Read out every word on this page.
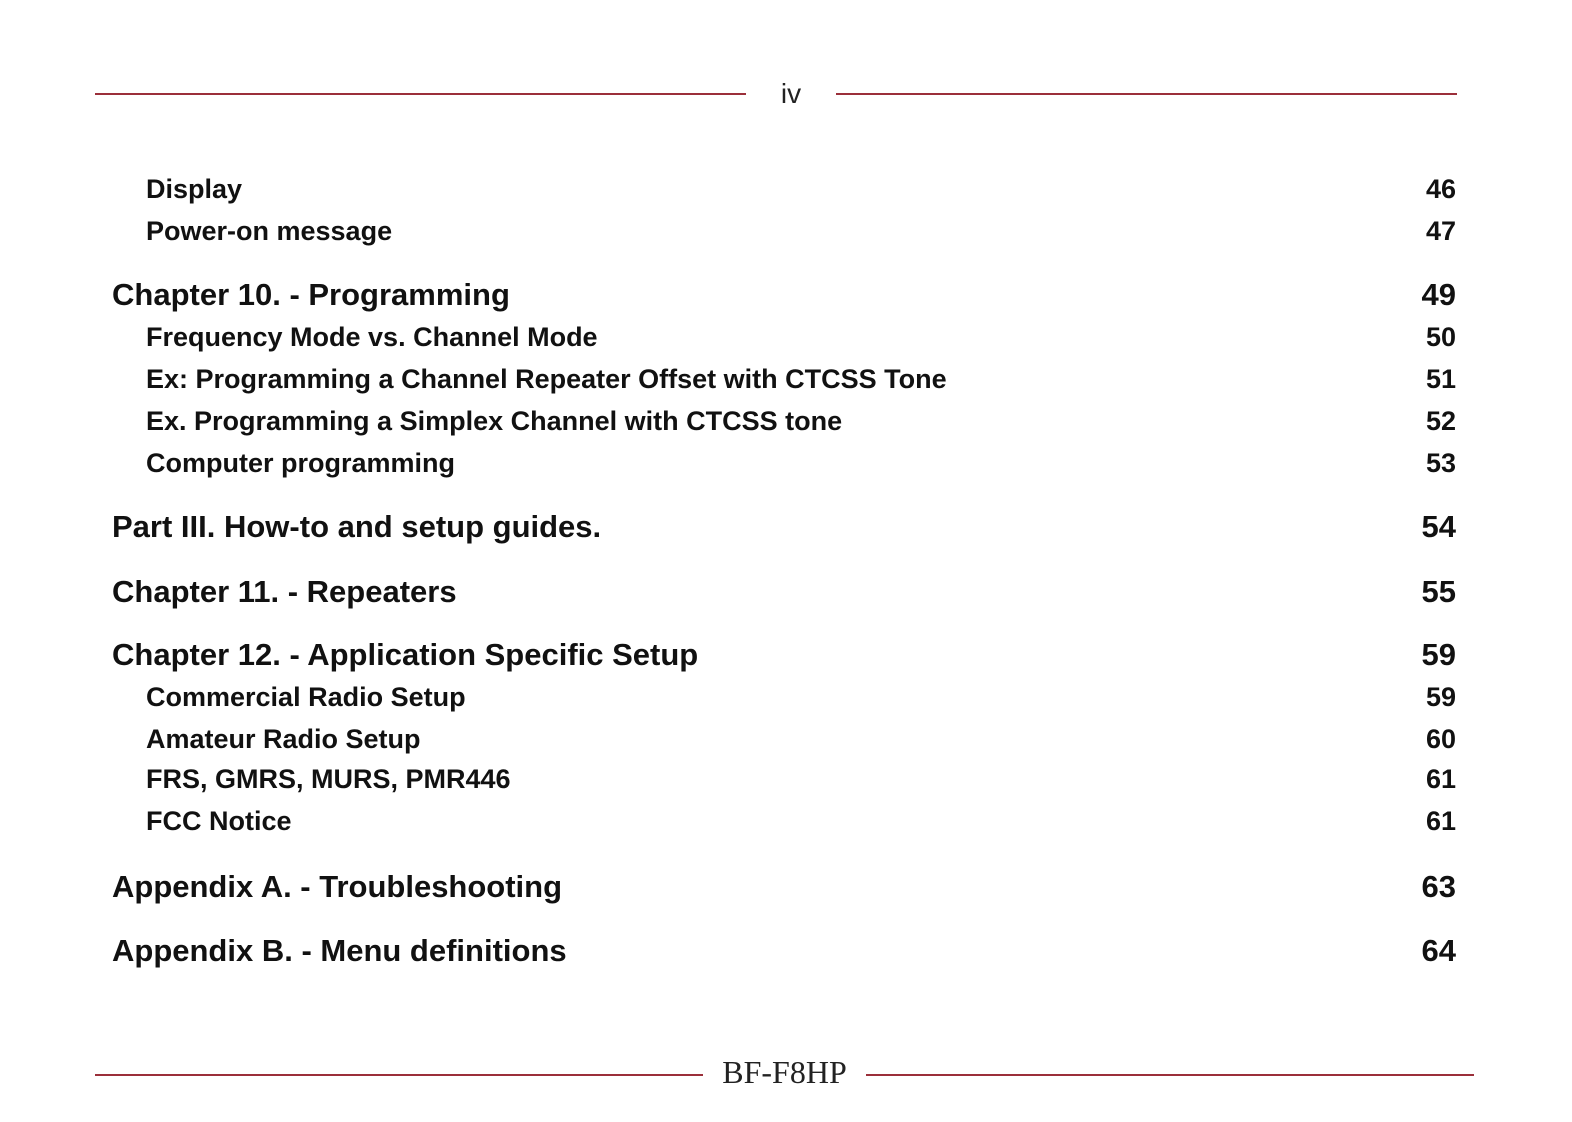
iv
Display	46
Power-on message	47
Chapter 10. - Programming	49
Frequency Mode vs. Channel Mode	50
Ex: Programming a Channel Repeater Offset with CTCSS Tone	51
Ex. Programming a Simplex Channel with CTCSS tone	52
Computer programming	53
Part III. How-to and setup guides.	54
Chapter 11. - Repeaters	55
Chapter 12. - Application Specific Setup	59
Commercial Radio Setup	59
Amateur Radio Setup	60
FRS, GMRS, MURS, PMR446	61
FCC Notice	61
Appendix A. - Troubleshooting	63
Appendix B. - Menu definitions	64
BF-F8HP
